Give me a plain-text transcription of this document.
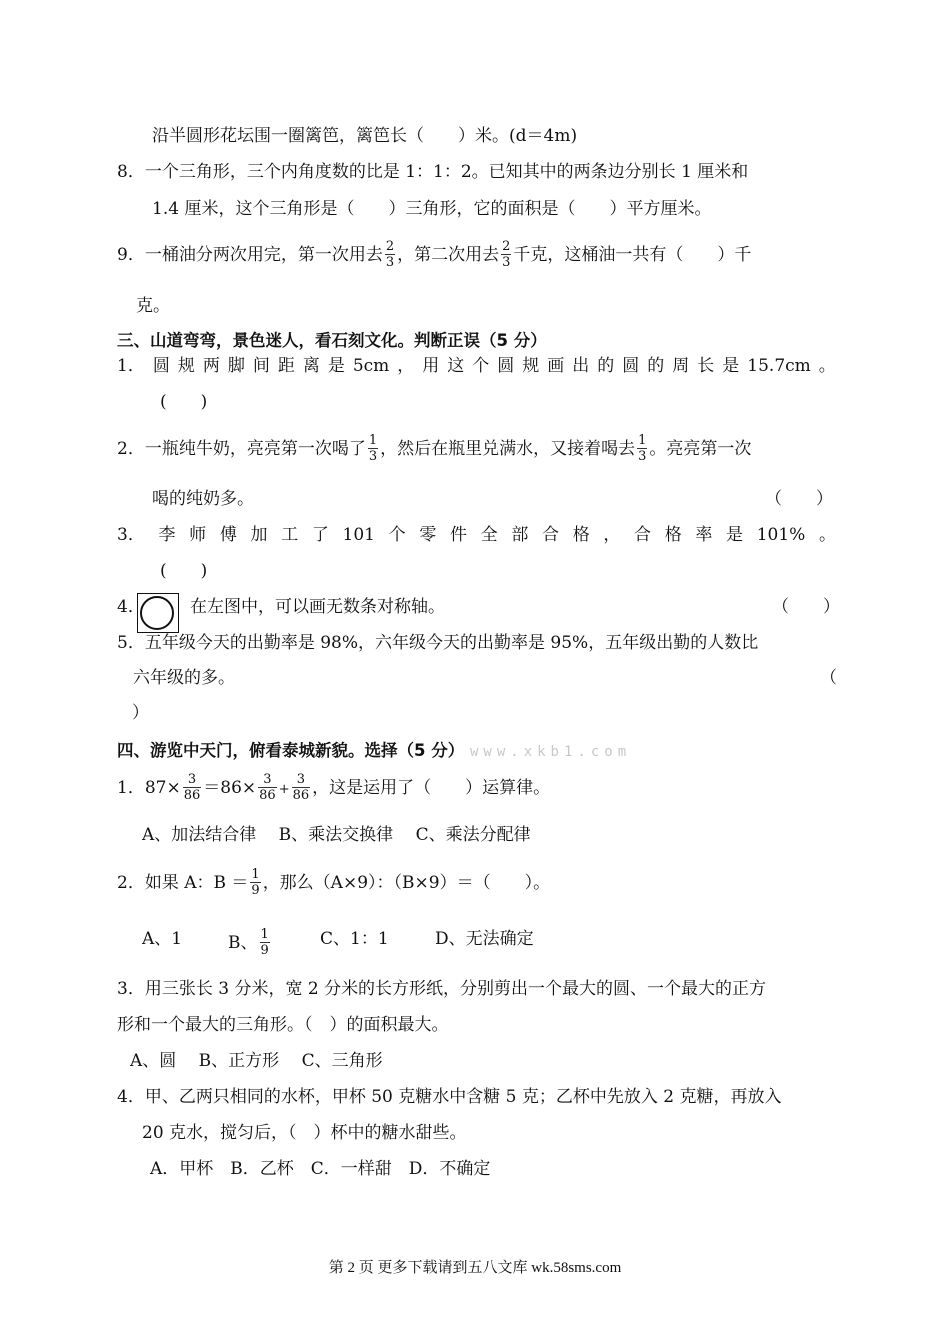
沿半圆形花坛围一圈篱笆，篱笆长（　　）米。(d＝4m)
8．一个三角形，三个内角度数的比是 1：1：2。已知其中的两条边分别长 1 厘米和
1.4 厘米，这个三角形是（　　）三角形，它的面积是（　　）平方厘米。
9．一桶油分两次用完，第一次用去 $\frac{2}{3}$ ，第二次用去 $\frac{2}{3}$ 千克，这桶油一共有（　　）千
克。
三、山道弯弯，景色迷人，看石刻文化。判断正误（5 分）
1． 圆 规 两 脚 间 距 离 是 5cm ， 用 这 个 圆 规 画 出 的 圆 的 周 长 是 15.7cm 。
(　　)
2．一瓶纯牛奶，亮亮第一次喝了 $\frac{1}{3}$ ，然后在瓶里兑满水，又接着喝去 $\frac{1}{3}$ 。亮亮第一次
喝的纯奶多。	（　　）
3． 李 师 傅 加 工 了 101 个 零 件 全 部 合 格 ， 合 格 率 是 101% 。
(　　)
4．	在左图中，可以画无数条对称轴。	（　　）
5．五年级今天的出勤率是 98%，六年级今天的出勤率是 95%，五年级出勤的人数比
六年级的多。	（
）
四、游览中天门，俯看泰城新貌。选择（5 分） www.xkb1.com
1．$87\times \frac{3}{86} =86\times \frac{3}{86} + \frac{3}{86}$ ，这是运用了（　　）运算律。
A、加法结合律　 B、乘法交换律　 C、乘法分配律
2．如果 A：$B = \frac{1}{9}$ ，那么（A×9）：（B×9）＝（　　）。
A、1	B、 $\frac{1}{9}$	C、1：1	D、无法确定
3．用三张长 3 分米，宽 2 分米的长方形纸，分别剪出一个最大的圆、一个最大的正方
形和一个最大的三角形。（　）的面积最大。
A、圆　 B、正方形　 C、三角形
4．甲、乙两只相同的水杯，甲杯 50 克糖水中含糖 5 克；乙杯中先放入 2 克糖，再放入
20 克水，搅匀后，（　）杯中的糖水甜些。
A．甲杯　B．乙杯　C．一样甜　D．不确定
第 2 页 更多下载请到五八文库 wk.58sms.com
